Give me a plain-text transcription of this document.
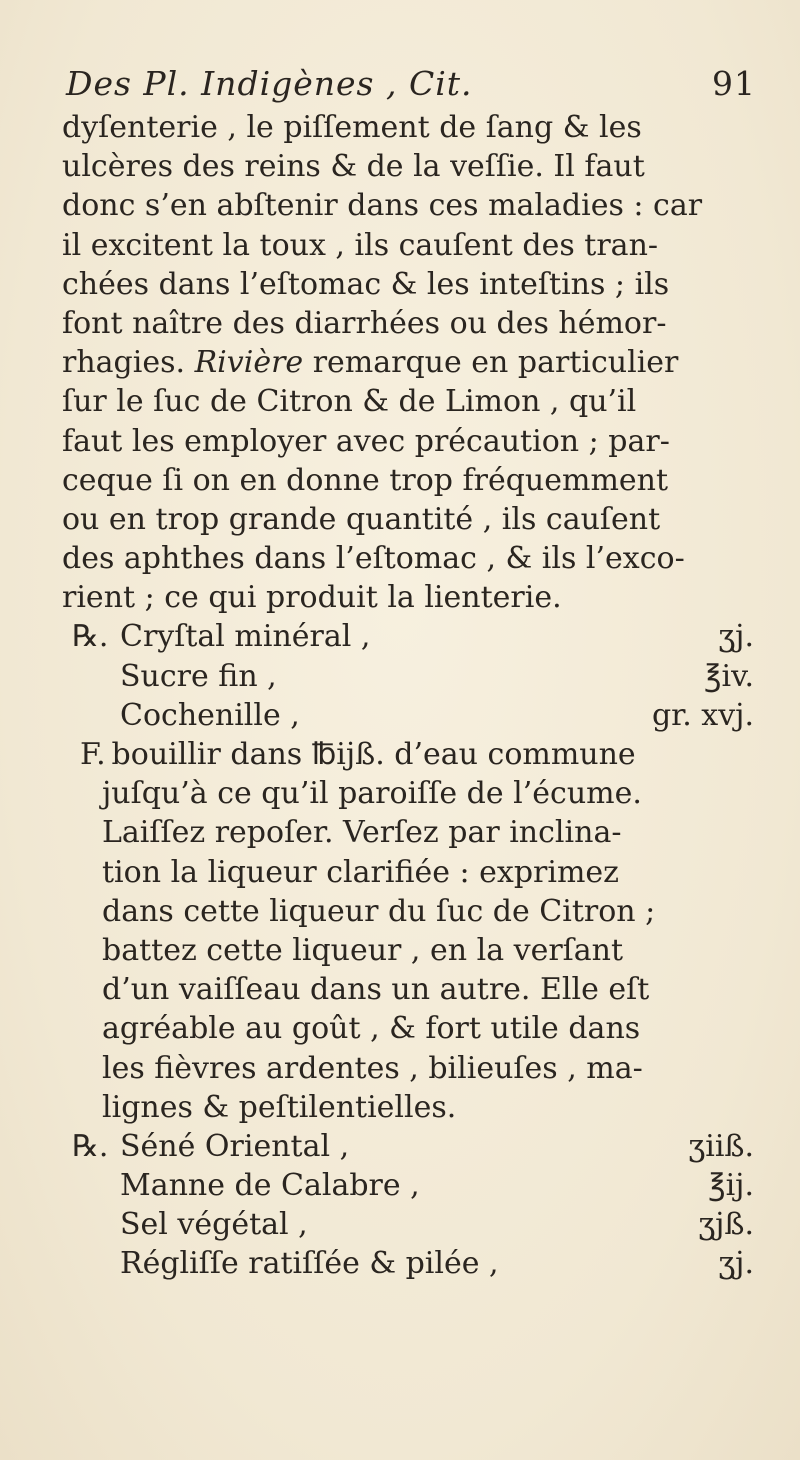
Des Pl. Indigènes , Cit.	91
dyſenterie , le piſſement de ſang & les
ulcères des reins & de la veſſie. Il faut
donc s’en abſtenir dans ces maladies : car
il excitent la toux , ils cauſent des tran-
chées dans l’eſtomac & les inteſtins ; ils
font naître des diarrhées ou des hémor-
rhagies. Rivière remarque en particulier
ſur le ſuc de Citron & de Limon , qu’il
faut les employer avec précaution ; par-
ceque ſi on en donne trop fréquemment
ou en trop grande quantité , ils cauſent
des aphthes dans l’eſtomac , & ils l’exco-
rient ; ce qui produit la lienterie.
℞. Cryſtal minéral ,	ʒj.
Sucre fin ,	℥iv.
Cochenille ,	gr. xvj.
F. bouillir dans ℔ijß. d’eau commune
juſqu’à ce qu’il paroiſſe de l’écume.
Laiſſez repoſer. Verſez par inclina-
tion la liqueur clarifiée : exprimez
dans cette liqueur du ſuc de Citron ;
battez cette liqueur , en la verſant
d’un vaiſſeau dans un autre. Elle eſt
agréable au goût , & fort utile dans
les fièvres ardentes , bilieuſes , ma-
lignes & peſtilentielles.
℞. Séné Oriental ,	ʒiiß.
Manne de Calabre ,	℥ij.
Sel végétal ,	ʒjß.
Régliſſe ratiſſée & pilée ,	ʒj.
